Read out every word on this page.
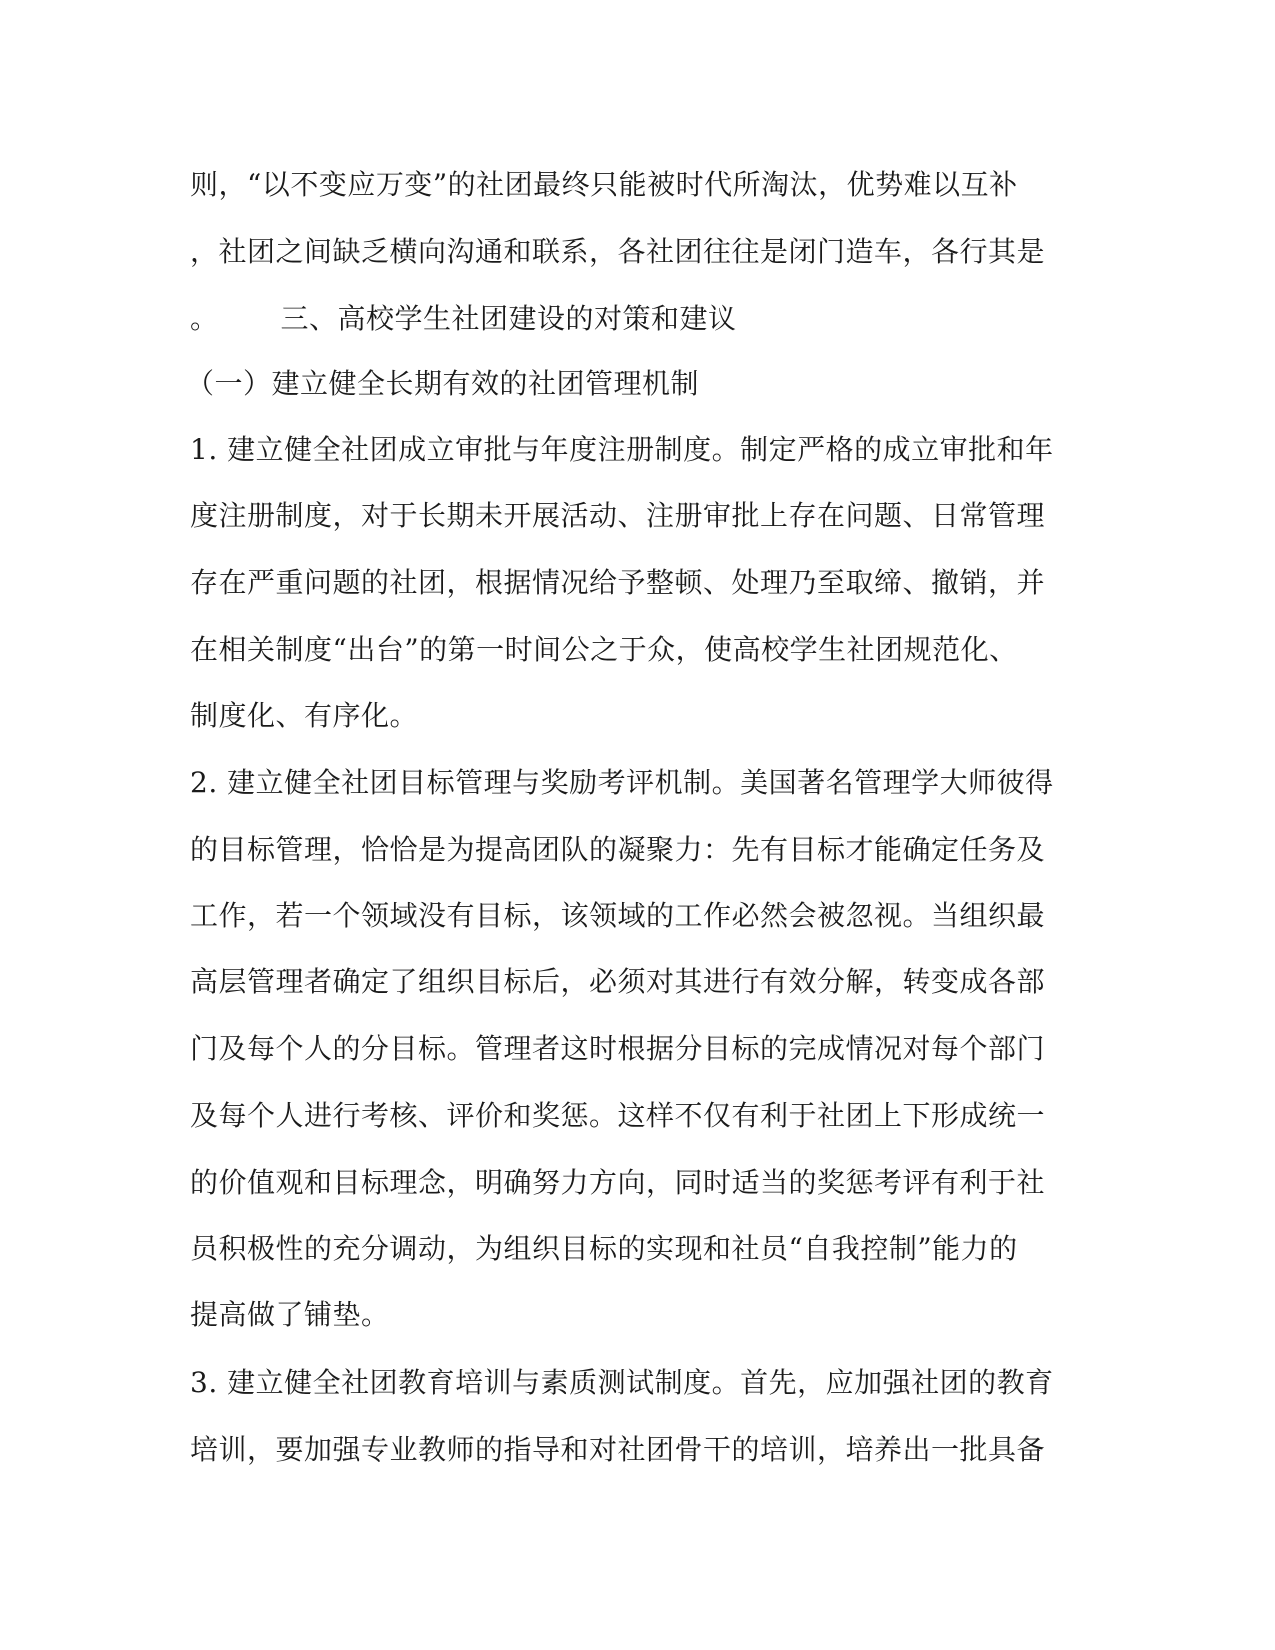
则，“以不变应万变”的社团最终只能被时代所淘汰，优势难以互补
，社团之间缺乏横向沟通和联系，各社团往往是闭门造车，各行其是
。 三、高校学生社团建设的对策和建议
（一）建立健全长期有效的社团管理机制
1. 建立健全社团成立审批与年度注册制度。制定严格的成立审批和年
度注册制度，对于长期未开展活动、注册审批上存在问题、日常管理
存在严重问题的社团，根据情况给予整顿、处理乃至取缔、撤销，并
在相关制度“出台”的第一时间公之于众，使高校学生社团规范化、
制度化、有序化。
2. 建立健全社团目标管理与奖励考评机制。美国著名管理学大师彼得
的目标管理，恰恰是为提高团队的凝聚力：先有目标才能确定任务及
工作，若一个领域没有目标，该领域的工作必然会被忽视。当组织最
高层管理者确定了组织目标后，必须对其进行有效分解，转变成各部
门及每个人的分目标。管理者这时根据分目标的完成情况对每个部门
及每个人进行考核、评价和奖惩。这样不仅有利于社团上下形成统一
的价值观和目标理念，明确努力方向，同时适当的奖惩考评有利于社
员积极性的充分调动，为组织目标的实现和社员“自我控制”能力的
提高做了铺垫。
3. 建立健全社团教育培训与素质测试制度。首先，应加强社团的教育
培训，要加强专业教师的指导和对社团骨干的培训，培养出一批具备
